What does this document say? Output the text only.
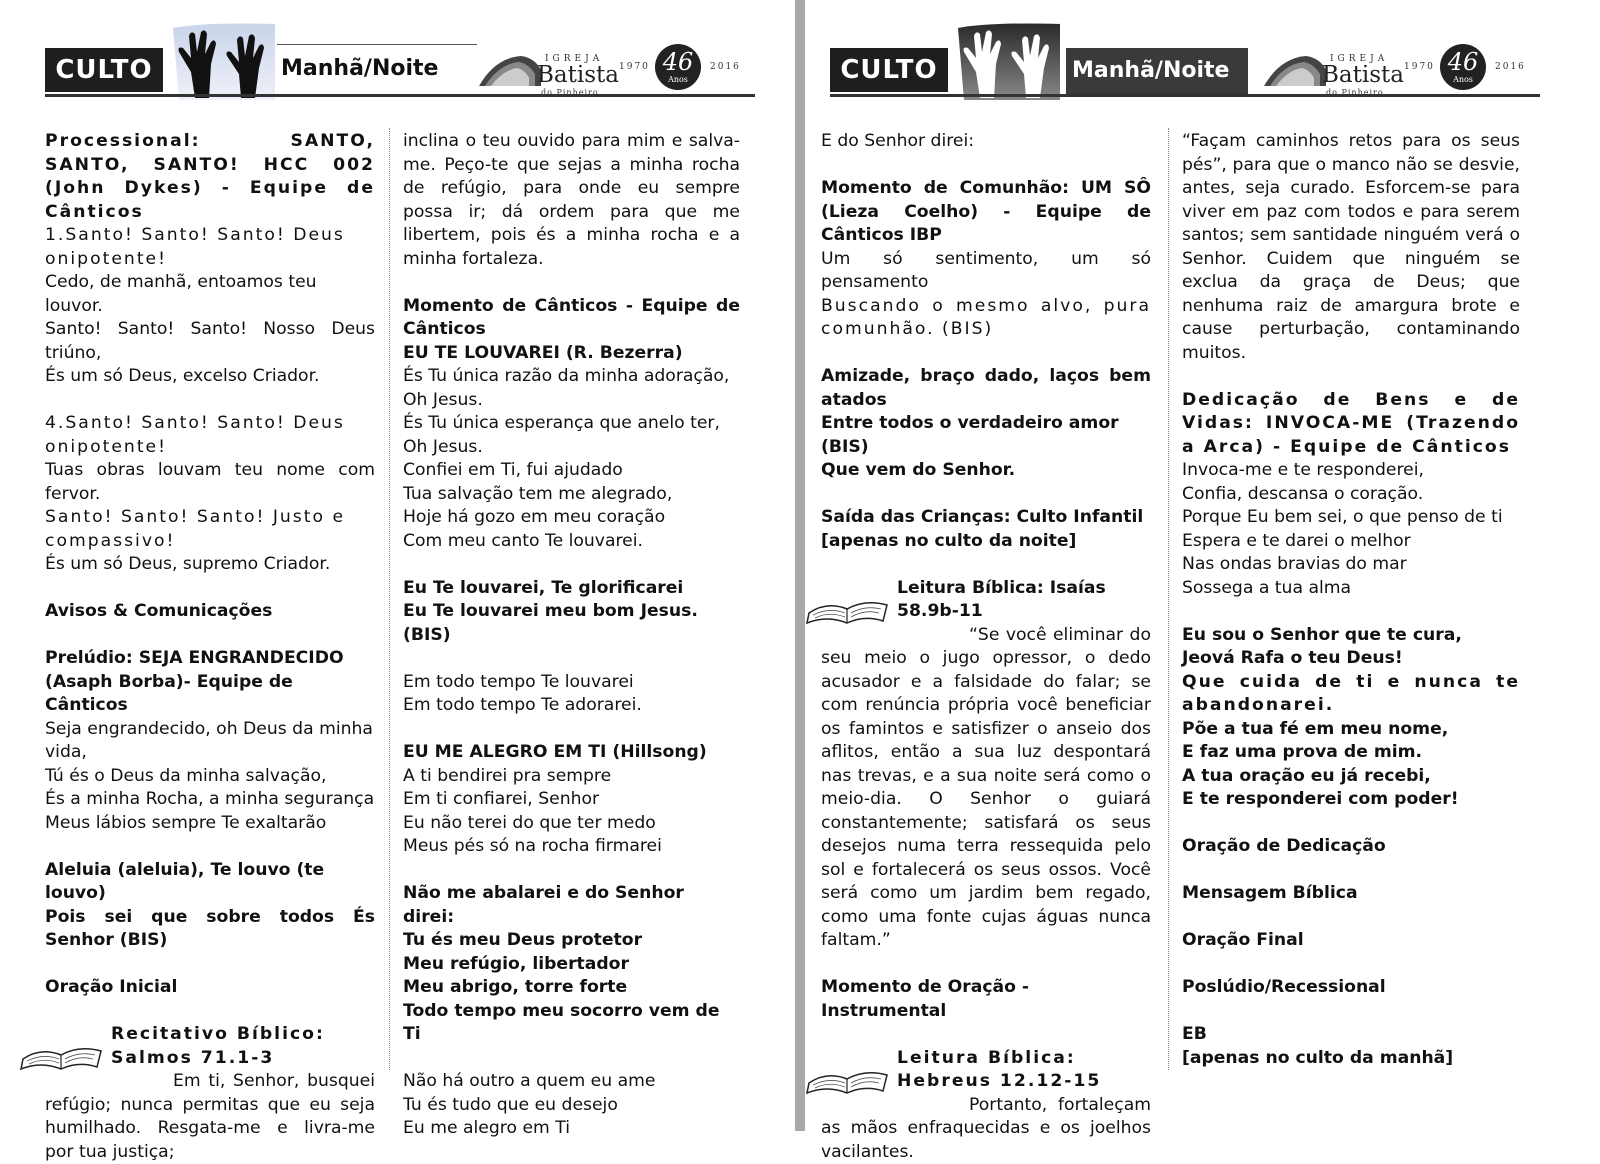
CULTO	Manhã/Noite	IGREJA
Batista
do Pinheiro
1970 46
Anos
2016

Processional: SANTO, SANTO, SANTO! HCC 002 (John Dykes) - Equipe de Cânticos

1.Santo! Santo! Santo! Deus onipotente!

Cedo, de manhã, entoamos teu louvor.

Santo! Santo! Santo! Nosso Deus triúno,

És um só Deus, excelso Criador.

4.Santo! Santo! Santo! Deus onipotente!

Tuas obras louvam teu nome com fervor.

Santo! Santo! Santo! Justo e compassivo!

És um só Deus, supremo Criador.

Avisos & Comunicações

Prelúdio: SEJA ENGRANDECIDO (Asaph Borba)- Equipe de Cânticos

Seja engrandecido, oh Deus da minha vida,

Tú és o Deus da minha salvação,

És a minha Rocha, a minha segurança

Meus lábios sempre Te exaltarão

Aleluia (aleluia), Te louvo (te louvo)

Pois sei que sobre todos És Senhor (BIS)

Oração Inicial

Recitativo Bíblico: Salmos 71.1-3

Em ti, Senhor, busquei refúgio; nunca permitas que eu seja humilhado. Resgata-me e livra-me por tua justiça;

inclina o teu ouvido para mim e salva-me. Peço-te que sejas a minha rocha de refúgio, para onde eu sempre possa ir; dá ordem para que me libertem, pois és a minha rocha e a minha fortaleza.

Momento de Cânticos - Equipe de Cânticos

EU TE LOUVAREI (R. Bezerra)

És Tu única razão da minha adoração, Oh Jesus.

És Tu única esperança que anelo ter, Oh Jesus.

Confiei em Ti, fui ajudado

Tua salvação tem me alegrado,

Hoje há gozo em meu coração

Com meu canto Te louvarei.

Eu Te louvarei, Te glorificarei

Eu Te louvarei meu bom Jesus. (BIS)

Em todo tempo Te louvarei

Em todo tempo Te adorarei.

EU ME ALEGRO EM TI (Hillsong)

A ti bendirei pra sempre

Em ti confiarei, Senhor

Eu não terei do que ter medo

Meus pés só na rocha firmarei

Não me abalarei e do Senhor direi:

Tu és meu Deus protetor

Meu refúgio, libertador

Meu abrigo, torre forte

Todo tempo meu socorro vem de Ti

Não há outro a quem eu ame

Tu és tudo que eu desejo

Eu me alegro em Ti

CULTO	Manhã/Noite	IGREJA
Batista
do Pinheiro
1970 46
Anos
2016

E do Senhor direi:

Momento de Comunhão: UM SÔ (Lieza Coelho) - Equipe de Cânticos IBP

Um só sentimento, um só pensamento

Buscando o mesmo alvo, pura comunhão. (BIS)

Amizade, braço dado, laços bem atados

Entre todos o verdadeiro amor (BIS)

Que vem do Senhor.

Saída das Crianças: Culto Infantil

[apenas no culto da noite]

Leitura Bíblica: Isaías 58.9b-11

“Se você eliminar do seu meio o jugo opressor, o dedo acusador e a falsidade do falar; se com renúncia própria você beneficiar os famintos e satisfizer o anseio dos aflitos, então a sua luz despontará nas trevas, e a sua noite será como o meio-dia. O Senhor o guiará constantemente; satisfará os seus desejos numa terra ressequida pelo sol e fortalecerá os seus ossos. Você será como um jardim bem regado, como uma fonte cujas águas nunca faltam.”

Momento de Oração - Instrumental

Leitura Bíblica: Hebreus 12.12-15

Portanto, fortaleçam as mãos enfraquecidas e os joelhos vacilantes.

“Façam caminhos retos para os seus pés”, para que o manco não se desvie, antes, seja curado. Esforcem-se para viver em paz com todos e para serem santos; sem santidade ninguém verá o Senhor. Cuidem que ninguém se exclua da graça de Deus; que nenhuma raiz de amargura brote e cause perturbação, contaminando muitos.

Dedicação de Bens e de Vidas: INVOCA-ME (Trazendo a Arca) - Equipe de Cânticos

Invoca-me e te responderei,

Confia, descansa o coração.

Porque Eu bem sei, o que penso de ti

Espera e te darei o melhor

Nas ondas bravias do mar

Sossega a tua alma

Eu sou o Senhor que te cura,

Jeová Rafa o teu Deus!

Que cuida de ti e nunca te abandonarei.

Põe a tua fé em meu nome,

E faz uma prova de mim.

A tua oração eu já recebi,

E te responderei com poder!

Oração de Dedicação

Mensagem Bíblica

Oração Final

Poslúdio/Recessional

EB

[apenas no culto da manhã]
